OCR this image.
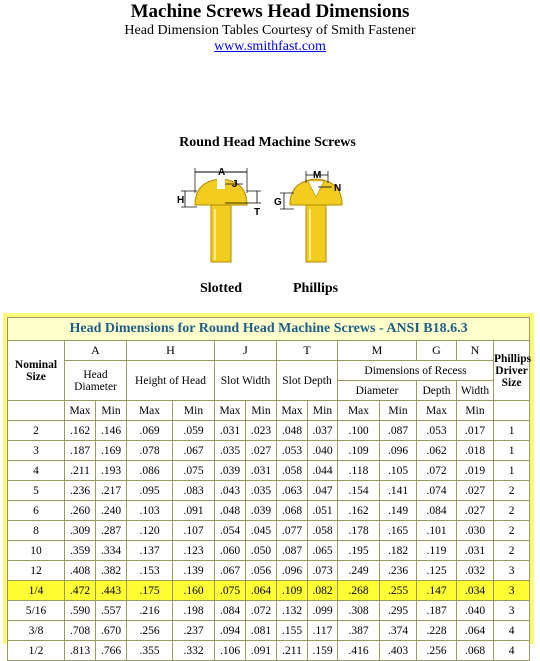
Machine Screws Head Dimensions
Head Dimension Tables Courtesy of Smith Fastener
www.smithfast.com
Round Head Machine Screws
A
J
H
T
Slotted
M
N
G
Phillips
Head Dimensions for Round Head Machine Screws - ANSI B18.6.3													
Nominal Size	A		H		J		T		M		G	N	Phillips Driver Size
	Head Diameter		Height of Head		Slot Width		Slot Depth		Dimensions of Recess				
									Diameter		Depth	Width	
	Max	Min	Max	Min	Max	Min	Max	Min	Max	Min	Max	Min	
2	.162	.146	.069	.059	.031	.023	.048	.037	.100	.087	.053	.017	1
3	.187	.169	.078	.067	.035	.027	.053	.040	.109	.096	.062	.018	1
4	.211	.193	.086	.075	.039	.031	.058	.044	.118	.105	.072	.019	1
5	.236	.217	.095	.083	.043	.035	.063	.047	.154	.141	.074	.027	2
6	.260	.240	.103	.091	.048	.039	.068	.051	.162	.149	.084	.027	2
8	.309	.287	.120	.107	.054	.045	.077	.058	.178	.165	.101	.030	2
10	.359	.334	.137	.123	.060	.050	.087	.065	.195	.182	.119	.031	2
12	.408	.382	.153	.139	.067	.056	.096	.073	.249	.236	.125	.032	3
1/4	.472	.443	.175	.160	.075	.064	.109	.082	.268	.255	.147	.034	3
5/16	.590	.557	.216	.198	.084	.072	.132	.099	.308	.295	.187	.040	3
3/8	.708	.670	.256	.237	.094	.081	.155	.117	.387	.374	.228	.064	4
1/2	.813	.766	.355	.332	.106	.091	.211	.159	.416	.403	.256	.068	4
